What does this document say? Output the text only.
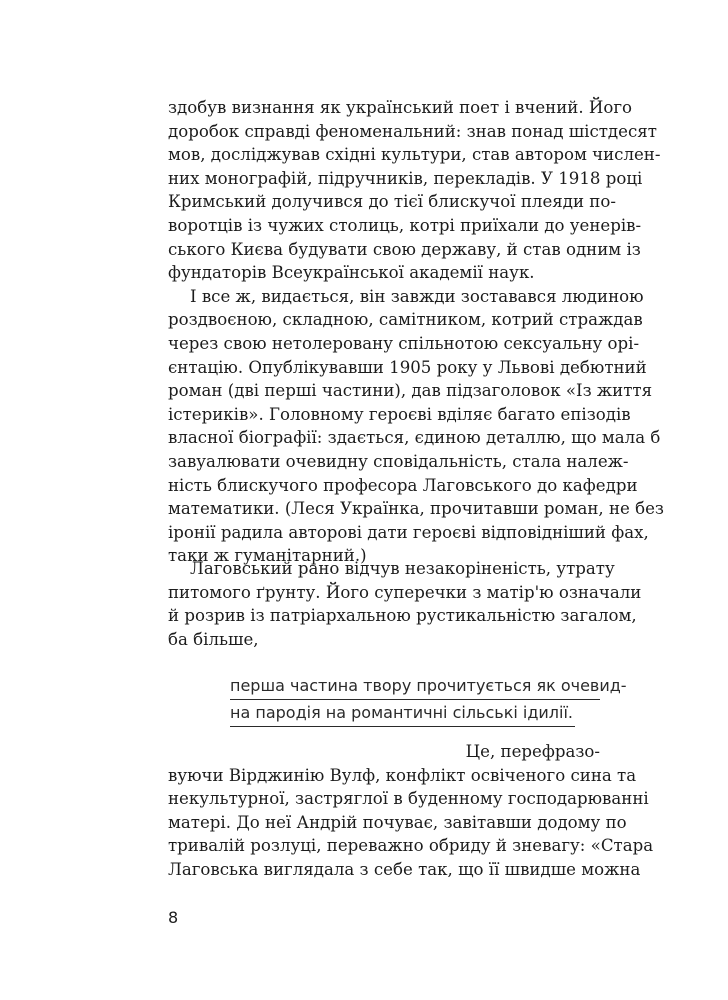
здобув визнання як український поет і вчений. Його
доробок справді феноменальний: знав понад шістдесят
мов, досліджував східні культури, став автором числен-
них монографій, підручників, перекладів. У 1918 році
Кримський долучився до тієї блискучої плеяди по-
воротців із чужих столиць, котрі приїхали до уенерів-
ського Києва будувати свою державу, й став одним із
фундаторів Всеукраїнської академії наук.
І все ж, видається, він завжди зоставався людиною
роздвоєною, складною, самітником, котрий страждав
через свою нетолеровану спільнотою сексуальну орі-
єнтацію. Опублікувавши 1905 року у Львові дебютний
роман (дві перші частини), дав підзаголовок «Із життя
істериків». Головному героєві вділяє багато епізодів
власної біографії: здається, єдиною деталлю, що мала б
завуалювати очевидну сповідальність, стала належ-
ність блискучого професора Лаговського до кафедри
математики. (Леся Українка, прочитавши роман, не без
іронії радила авторові дати героєві відповідніший фах,
таки ж гуманітарний.)
Лаговський рано відчув незакоріненість, утрату
питомого ґрунту. Його суперечки з матір'ю означали
й розрив із патріархальною рустикальністю загалом,
ба більше,
перша частина твору прочитується як очевид-
на пародія на романтичні сільські ідилії.
Це, перефразо-
вуючи Вірджинію Вулф, конфлікт освіченого сина та
некультурної, застряглої в буденному господарюванні
матері. До неї Андрій почуває, завітавши додому по
тривалій розлуці, переважно обриду й зневагу: «Стара
Лаговська виглядала з себе так, що її швидше можна
8
